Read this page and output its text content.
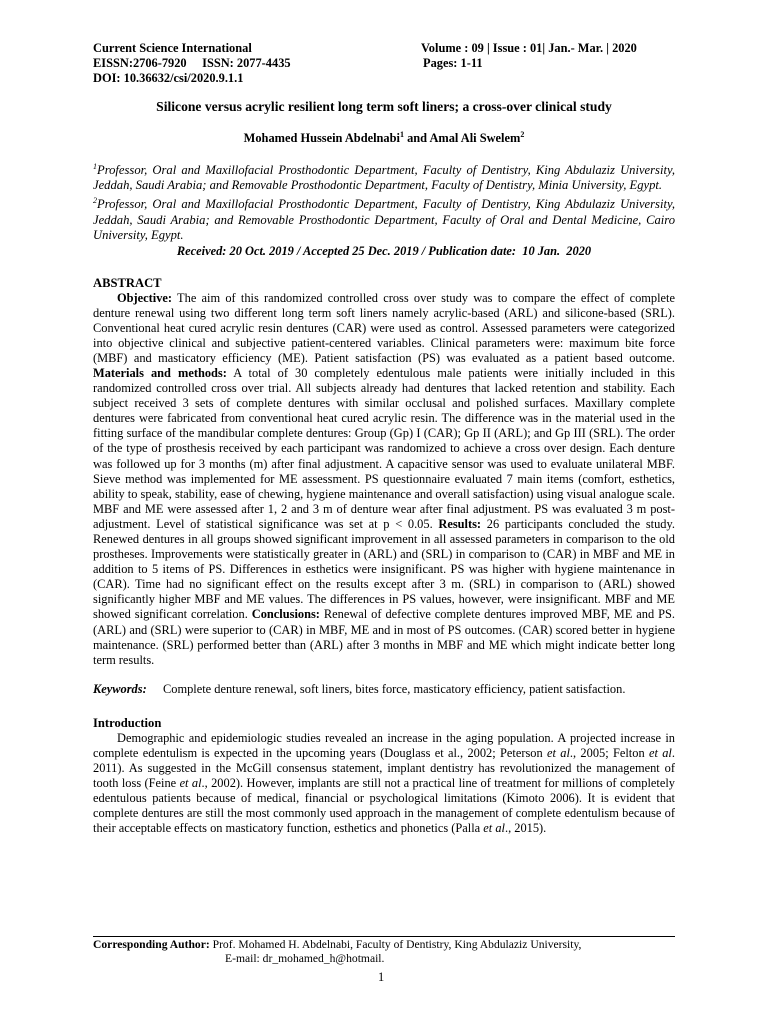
Current Science International
EISSN:2706-7920     ISSN: 2077-4435
DOI: 10.36632/csi/2020.9.1.1
Volume : 09 | Issue : 01| Jan.- Mar. | 2020
Pages: 1-11
Silicone versus acrylic resilient long term soft liners; a cross-over clinical study
Mohamed Hussein Abdelnabi$^1$ and Amal Ali Swelem$^2$

$^1$Professor, Oral and Maxillofacial Prosthodontic Department, Faculty of Dentistry, King Abdulaziz University, Jeddah, Saudi Arabia; and Removable Prosthodontic Department, Faculty of Dentistry, Minia University, Egypt.

$^2$Professor, Oral and Maxillofacial Prosthodontic Department, Faculty of Dentistry, King Abdulaziz University, Jeddah, Saudi Arabia; and Removable Prosthodontic Department, Faculty of Oral and Dental Medicine, Cairo University, Egypt.

Received: 20 Oct. 2019 / Accepted 25 Dec. 2019 / Publication date:  10 Jan.  2020

ABSTRACT

Objective: The aim of this randomized controlled cross over study was to compare the effect of complete denture renewal using two different long term soft liners namely acrylic-based (ARL) and silicone-based (SRL). Conventional heat cured acrylic resin dentures (CAR) were used as control. Assessed parameters were categorized into objective clinical and subjective patient-centered variables. Clinical parameters were: maximum bite force (MBF) and masticatory efficiency (ME). Patient satisfaction (PS) was evaluated as a patient based outcome. Materials and methods: A total of 30 completely edentulous male patients were initially included in this randomized controlled cross over trial. All subjects already had dentures that lacked retention and stability. Each subject received 3 sets of complete dentures with similar occlusal and polished surfaces. Maxillary complete dentures were fabricated from conventional heat cured acrylic resin. The difference was in the material used in the fitting surface of the mandibular complete dentures: Group (Gp) I (CAR); Gp II (ARL); and Gp III (SRL). The order of the type of prosthesis received by each participant was randomized to achieve a cross over design. Each denture was followed up for 3 months (m) after final adjustment. A capacitive sensor was used to evaluate unilateral MBF. Sieve method was implemented for ME assessment. PS questionnaire evaluated 7 main items (comfort, esthetics, ability to speak, stability, ease of chewing, hygiene maintenance and overall satisfaction) using visual analogue scale. MBF and ME were assessed after 1, 2 and 3 m of denture wear after final adjustment. PS was evaluated 3 m post-adjustment. Level of statistical significance was set at p < 0.05. Results: 26 participants concluded the study. Renewed dentures in all groups showed significant improvement in all assessed parameters in comparison to the old prostheses. Improvements were statistically greater in (ARL) and (SRL) in comparison to (CAR) in MBF and ME in addition to 5 items of PS. Differences in esthetics were insignificant. PS was higher with hygiene maintenance in (CAR). Time had no significant effect on the results except after 3 m. (SRL) in comparison to (ARL) showed significantly higher MBF and ME values. The differences in PS values, however, were insignificant. MBF and ME showed significant correlation. Conclusions: Renewal of defective complete dentures improved MBF, ME and PS. (ARL) and (SRL) were superior to (CAR) in MBF, ME and in most of PS outcomes. (CAR) scored better in hygiene maintenance. (SRL) performed better than (ARL) after 3 months in MBF and ME which might indicate better long term results.

Keywords:	Complete denture renewal, soft liners, bites force, masticatory efficiency, patient satisfaction.

Introduction

Demographic and epidemiologic studies revealed an increase in the aging population. A projected increase in complete edentulism is expected in the upcoming years (Douglass et al., 2002; Peterson et al., 2005; Felton et al. 2011). As suggested in the McGill consensus statement, implant dentistry has revolutionized the management of tooth loss (Feine et al., 2002). However, implants are still not a practical line of treatment for millions of completely edentulous patients because of medical, financial or psychological limitations (Kimoto 2006). It is evident that complete dentures are still the most commonly used approach in the management of complete edentulism because of their acceptable effects on masticatory function, esthetics and phonetics (Palla et al., 2015).

Corresponding Author: Prof. Mohamed H. Abdelnabi, Faculty of Dentistry, King Abdulaziz University,
E-mail: dr_mohamed_h@hotmail.
1
